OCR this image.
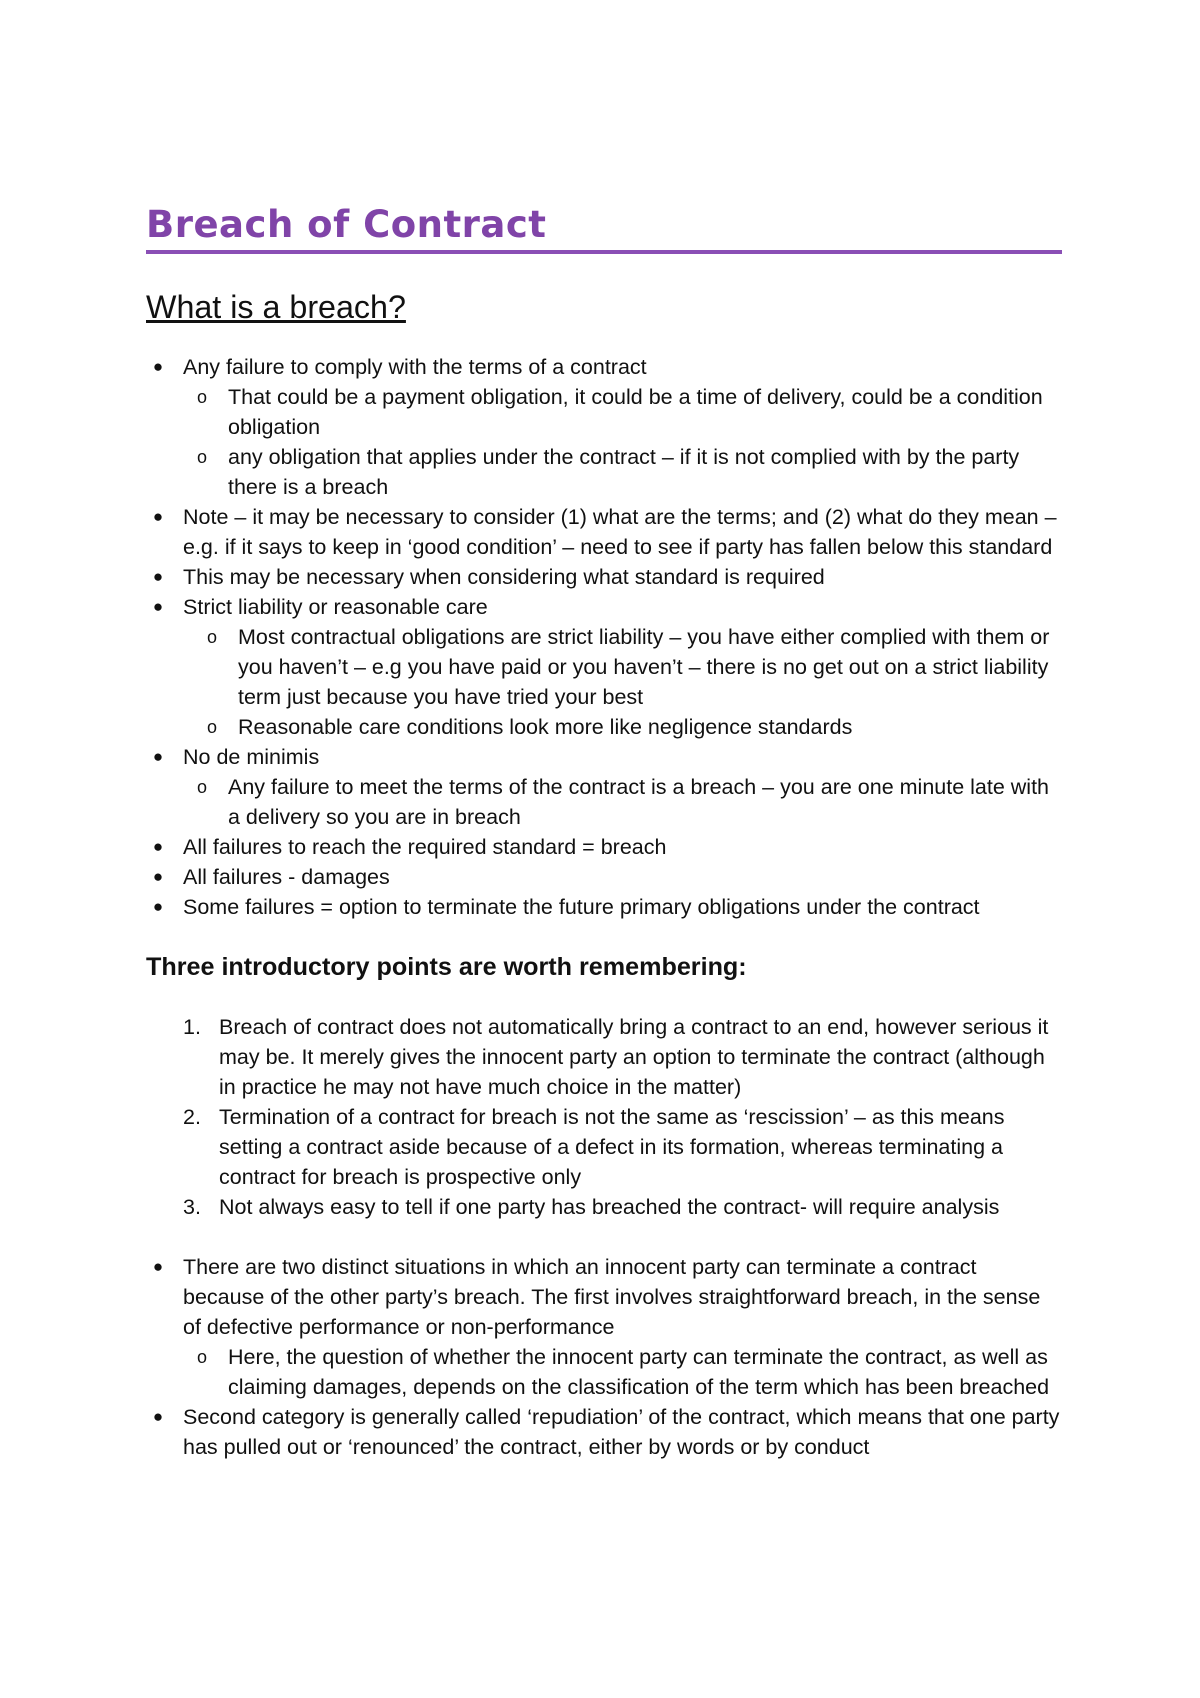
Breach of Contract
What is a breach?
● Any failure to comply with the terms of a contract
o That could be a payment obligation, it could be a time of delivery, could be a condition obligation
o any obligation that applies under the contract – if it is not complied with by the party there is a breach
● Note – it may be necessary to consider (1) what are the terms; and (2) what do they mean – e.g. if it says to keep in ‘good condition’ – need to see if party has fallen below this standard
● This may be necessary when considering what standard is required
● Strict liability or reasonable care
o Most contractual obligations are strict liability – you have either complied with them or you haven’t – e.g you have paid or you haven’t – there is no get out on a strict liability term just because you have tried your best
o Reasonable care conditions look more like negligence standards
● No de minimis
o Any failure to meet the terms of the contract is a breach – you are one minute late with a delivery so you are in breach
● All failures to reach the required standard = breach
● All failures - damages
● Some failures = option to terminate the future primary obligations under the contract
Three introductory points are worth remembering:
1. Breach of contract does not automatically bring a contract to an end, however serious it may be. It merely gives the innocent party an option to terminate the contract (although in practice he may not have much choice in the matter)
2. Termination of a contract for breach is not the same as ‘rescission’ – as this means setting a contract aside because of a defect in its formation, whereas terminating a contract for breach is prospective only
3. Not always easy to tell if one party has breached the contract- will require analysis
● There are two distinct situations in which an innocent party can terminate a contract because of the other party’s breach. The first involves straightforward breach, in the sense of defective performance or non-performance
o Here, the question of whether the innocent party can terminate the contract, as well as claiming damages, depends on the classification of the term which has been breached
● Second category is generally called ‘repudiation’ of the contract, which means that one party has pulled out or ‘renounced’ the contract, either by words or by conduct
